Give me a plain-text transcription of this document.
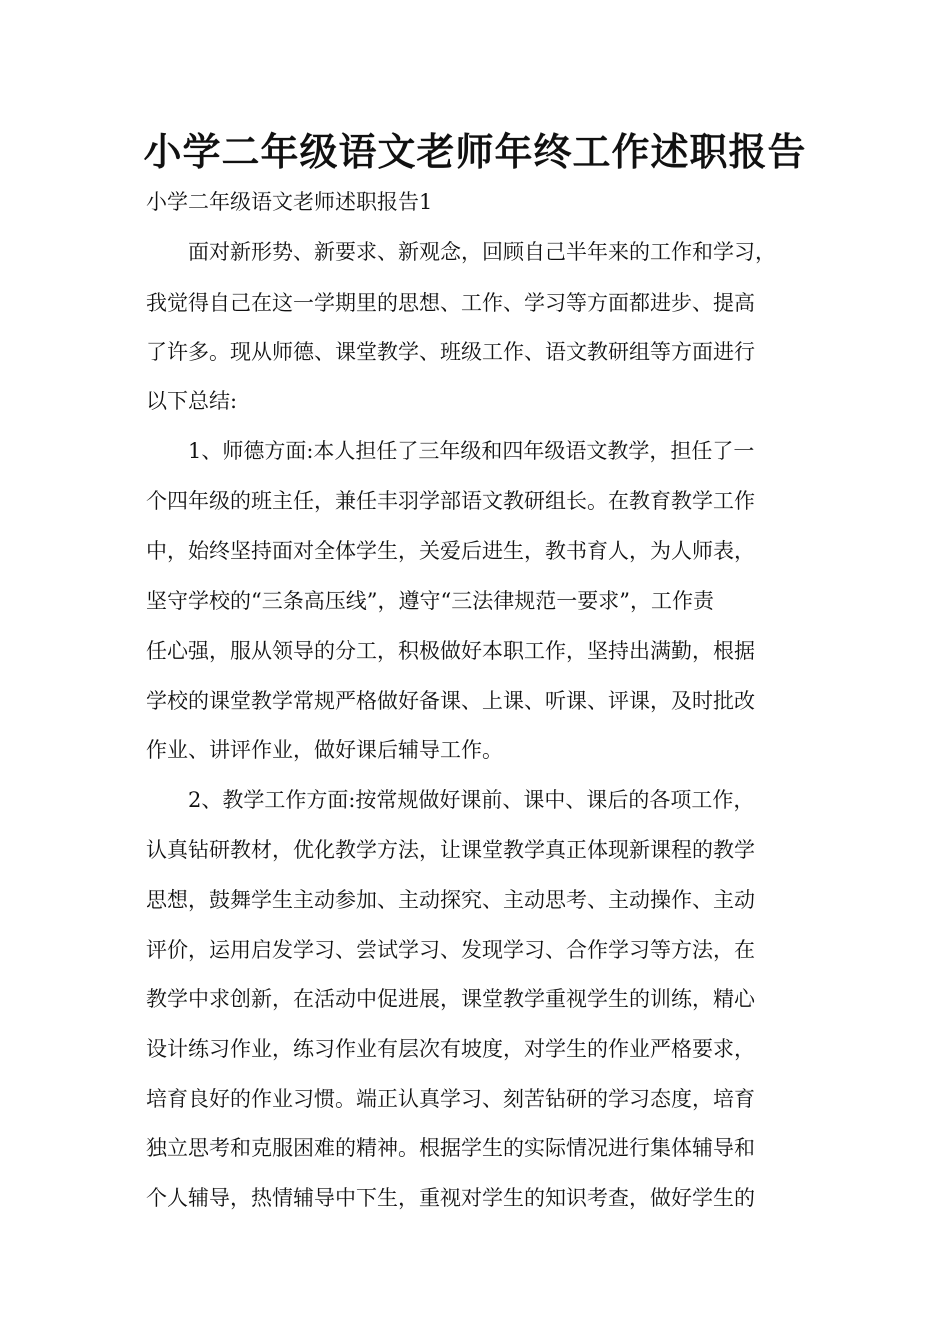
小学二年级语文老师年终工作述职报告
小学二年级语文老师述职报告1
面对新形势、新要求、新观念，回顾自己半年来的工作和学习，
我觉得自己在这一学期里的思想、工作、学习等方面都进步、提高
了许多。现从师德、课堂教学、班级工作、语文教研组等方面进行
以下总结:
1、师德方面:本人担任了三年级和四年级语文教学，担任了一
个四年级的班主任，兼任丰羽学部语文教研组长。在教育教学工作
中，始终坚持面对全体学生，关爱后进生，教书育人，为人师表，
坚守学校的“三条高压线”，遵守“三法律规范一要求”，工作责
任心强，服从领导的分工，积极做好本职工作，坚持出满勤，根据
学校的课堂教学常规严格做好备课、上课、听课、评课，及时批改
作业、讲评作业，做好课后辅导工作。
2、教学工作方面:按常规做好课前、课中、课后的各项工作，
认真钻研教材，优化教学方法，让课堂教学真正体现新课程的教学
思想，鼓舞学生主动参加、主动探究、主动思考、主动操作、主动
评价，运用启发学习、尝试学习、发现学习、合作学习等方法，在
教学中求创新，在活动中促进展，课堂教学重视学生的训练，精心
设计练习作业，练习作业有层次有坡度，对学生的作业严格要求，
培育良好的作业习惯。端正认真学习、刻苦钻研的学习态度，培育
独立思考和克服困难的精神。根据学生的实际情况进行集体辅导和
个人辅导，热情辅导中下生，重视对学生的知识考查，做好学生的
